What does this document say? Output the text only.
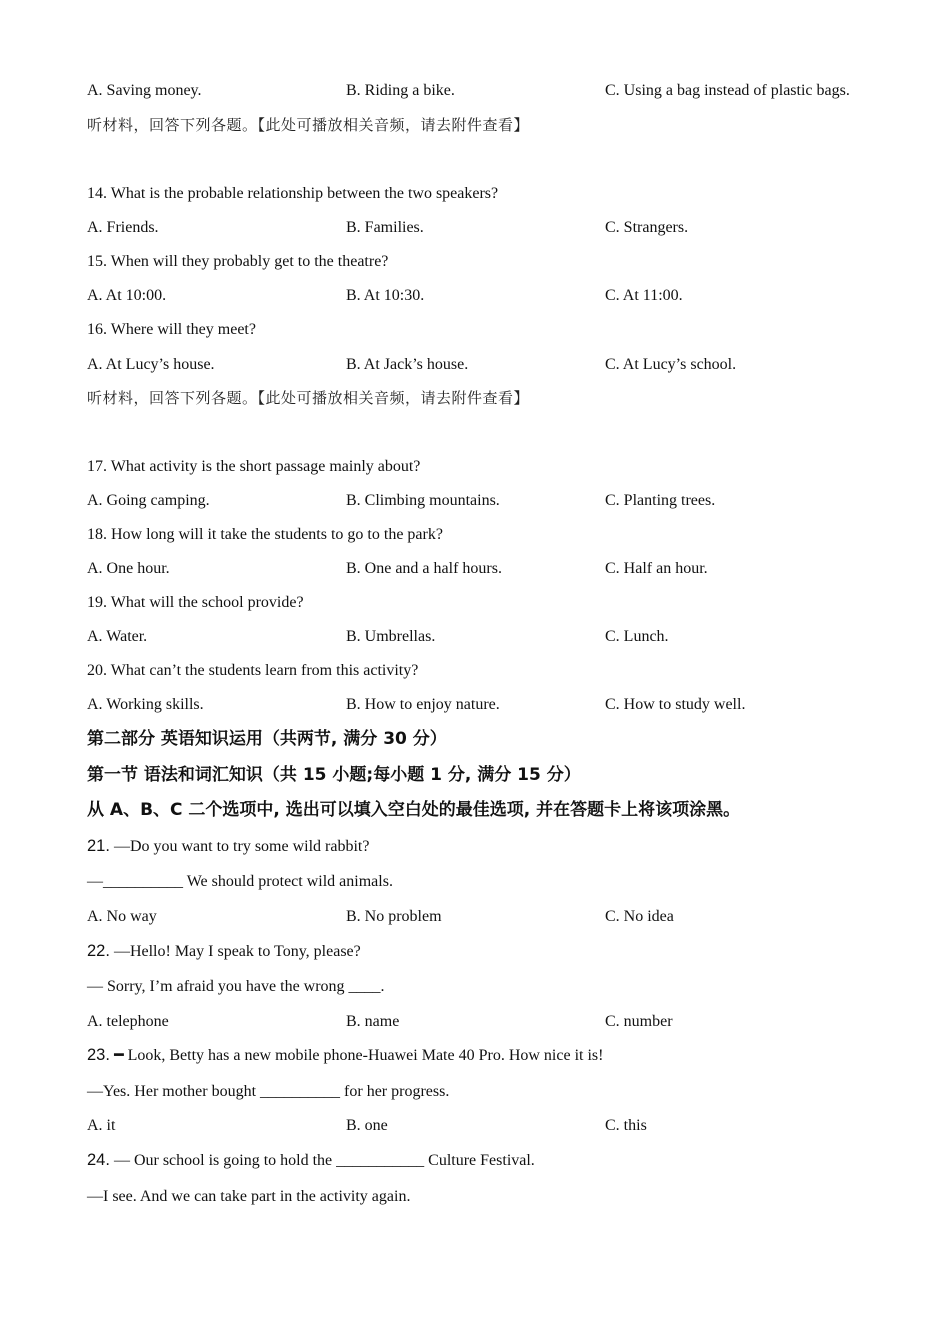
A. Saving money.	B. Riding a bike.	C. Using a bag instead of plastic bags.
听材料，回答下列各题。【此处可播放相关音频，请去附件查看】
14. What is the probable relationship between the two speakers?
A. Friends.	B. Families.	C. Strangers.
15. When will they probably get to the theatre?
A. At 10:00.	B. At 10:30.	C. At 11:00.
16. Where will they meet?
A. At Lucy’s house.	B. At Jack’s house.	C. At Lucy’s school.
听材料，回答下列各题。【此处可播放相关音频，请去附件查看】
17. What activity is the short passage mainly about?
A. Going camping.	B. Climbing mountains.	C. Planting trees.
18. How long will it take the students to go to the park?
A. One hour.	B. One and a half hours.	C. Half an hour.
19. What will the school provide?
A. Water.	B. Umbrellas.	C. Lunch.
20. What can’t the students learn from this activity?
A. Working skills.	B. How to enjoy nature.	C. How to study well.
第二部分 英语知识运用（共两节, 满分 30 分）
第一节 语法和词汇知识（共 15 小题;每小题 1 分, 满分 15 分）
从 A、B、C 二个选项中, 选出可以填入空白处的最佳选项, 并在答题卡上将该项涂黑。
21. —Do you want to try some wild rabbit?
—__________ We should protect wild animals.
A. No way	B. No problem	C. No idea
22. —Hello! May I speak to Tony, please?
— Sorry, I’m afraid you have the wrong ____.
A. telephone	B. name	C. number
23. ━ Look, Betty has a new mobile phone-Huawei Mate 40 Pro. How nice it is!
—Yes. Her mother bought __________ for her progress.
A. it	B. one	C. this
24. — Our school is going to hold the ___________ Culture Festival.
—I see. And we can take part in the activity again.
